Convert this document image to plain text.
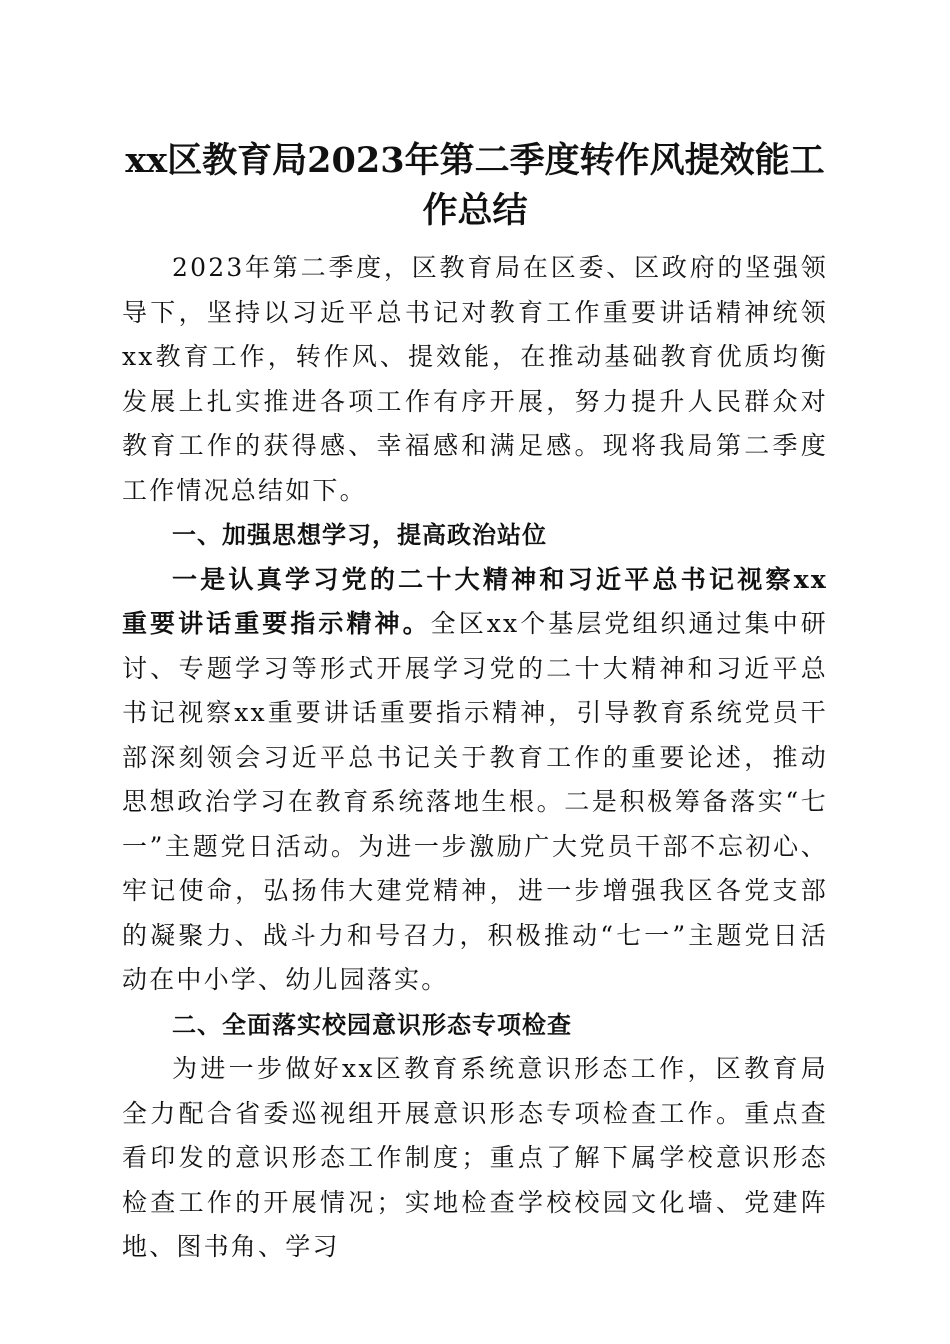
xx区教育局2023年第二季度转作风提效能工
作总结

2023年第二季度，区教育局在区委、区政府的坚强领导下，坚持以习近平总书记对教育工作重要讲话精神统领xx教育工作，转作风、提效能，在推动基础教育优质均衡发展上扎实推进各项工作有序开展，努力提升人民群众对教育工作的获得感、幸福感和满足感。现将我局第二季度工作情况总结如下。

一、加强思想学习，提高政治站位

一是认真学习党的二十大精神和习近平总书记视察xx重要讲话重要指示精神。全区xx个基层党组织通过集中研讨、专题学习等形式开展学习党的二十大精神和习近平总书记视察xx重要讲话重要指示精神，引导教育系统党员干部深刻领会习近平总书记关于教育工作的重要论述，推动思想政治学习在教育系统落地生根。二是积极筹备落实“七一”主题党日活动。为进一步激励广大党员干部不忘初心、牢记使命，弘扬伟大建党精神，进一步增强我区各党支部的凝聚力、战斗力和号召力，积极推动“七一”主题党日活动在中小学、幼儿园落实。

二、全面落实校园意识形态专项检查

为进一步做好xx区教育系统意识形态工作，区教育局全力配合省委巡视组开展意识形态专项检查工作。重点查看印发的意识形态工作制度；重点了解下属学校意识形态检查工作的开展情况；实地检查学校校园文化墙、党建阵地、图书角、学习
